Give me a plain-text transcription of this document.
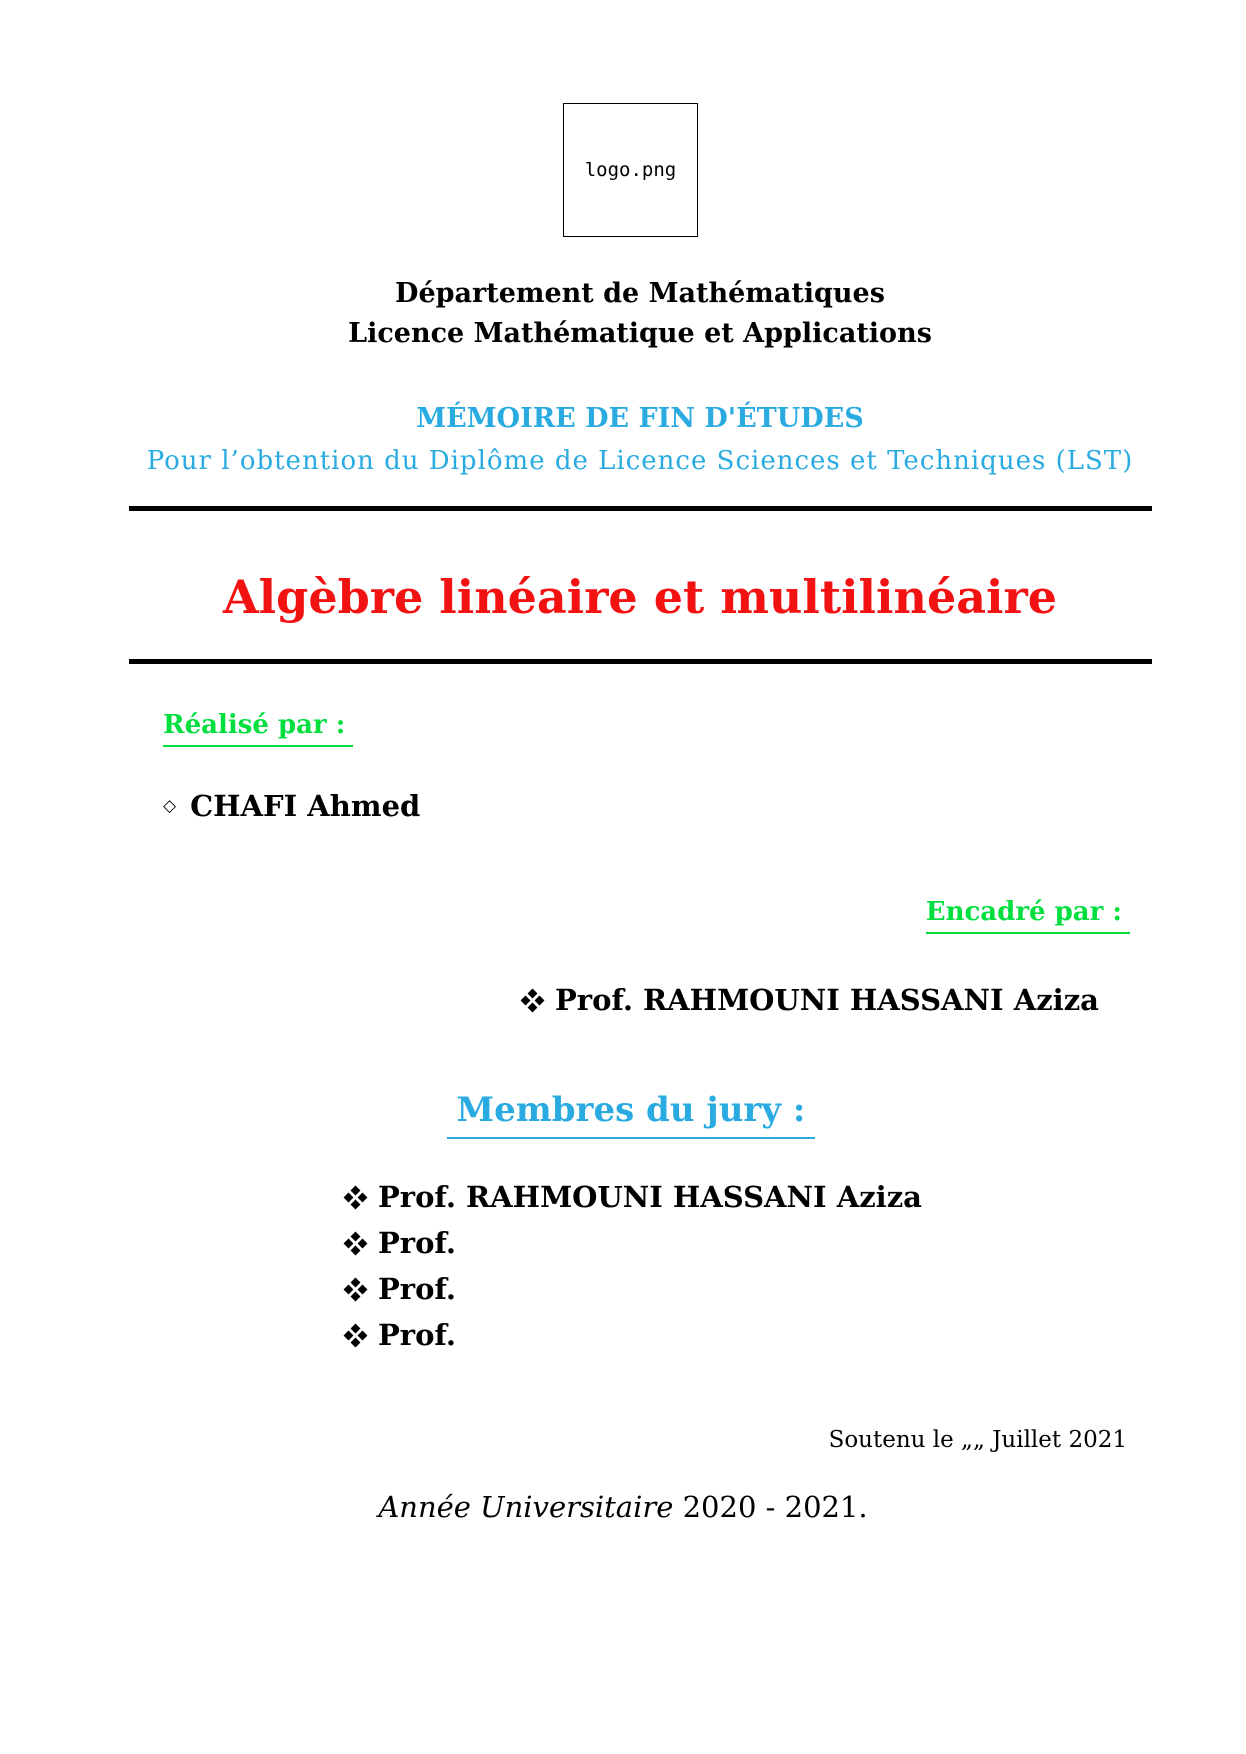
logo.png
Département de Mathématiques
Licence Mathématique et Applications
MÉMOIRE DE FIN D'ÉTUDES
Pour l’obtention du Diplôme de Licence Sciences et Techniques (LST)
Algèbre linéaire et multilinéaire
Réalisé par :
◇ CHAFI Ahmed
Encadré par :
Prof. RAHMOUNI HASSANI Aziza
Membres du jury :
Prof. RAHMOUNI HASSANI Aziza
Prof.
Prof.
Prof.
Soutenu le „„ Juillet 2021
Année Universitaire 2020 - 2021.
